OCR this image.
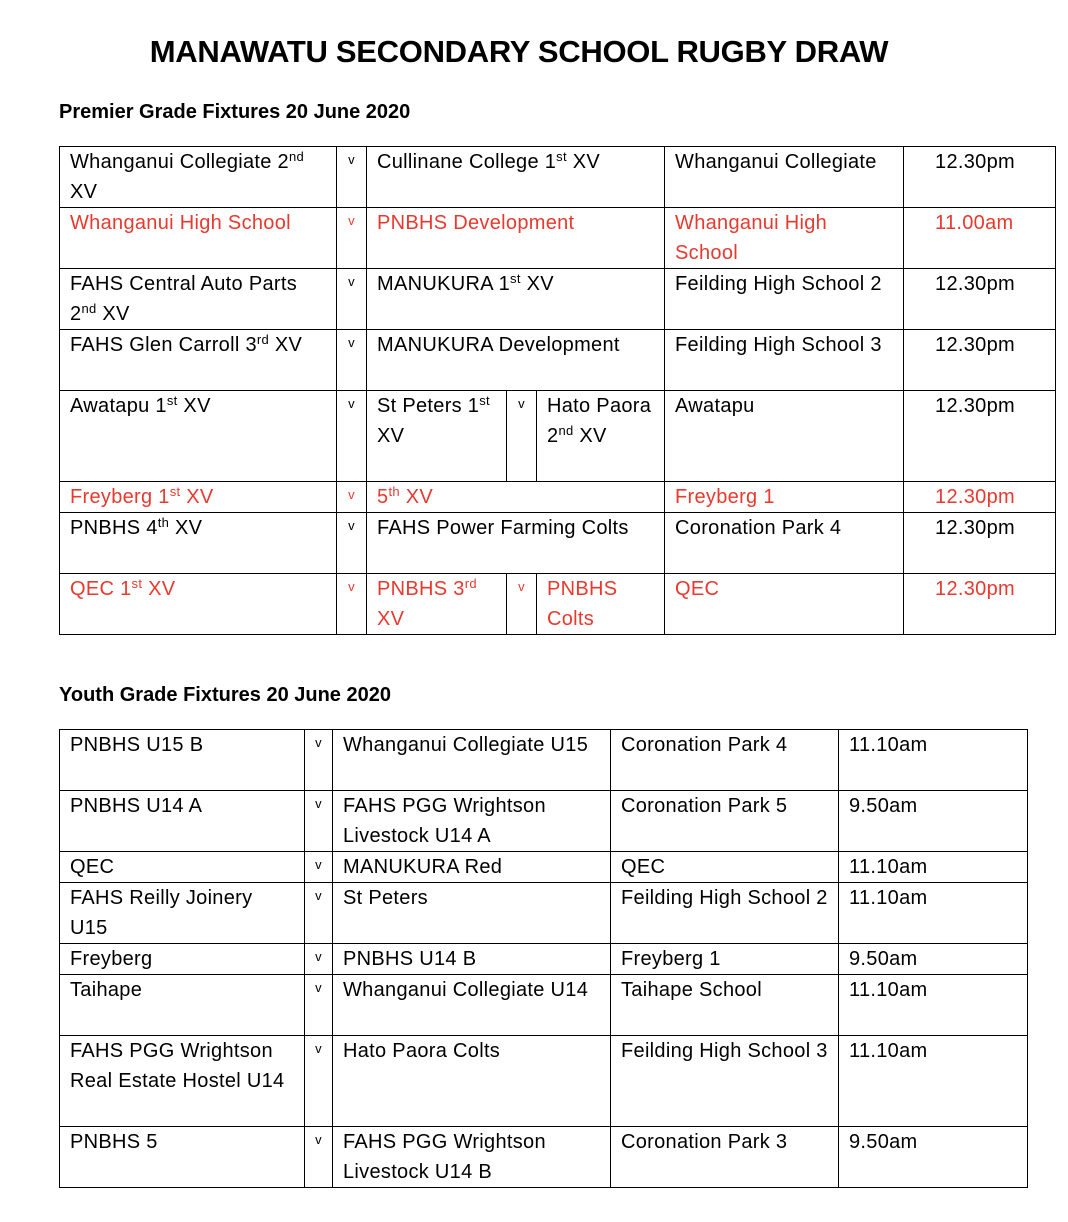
MANAWATU SECONDARY SCHOOL RUGBY DRAW
Premier Grade Fixtures 20 June 2020
Whanganui Collegiate 2nd XV	v	Cullinane College 1st XV			Whanganui Collegiate	12.30pm
Whanganui High School	v	PNBHS Development			Whanganui High School	11.00am
FAHS Central Auto Parts 2nd XV	v	MANUKURA 1st XV			Feilding High School 2	12.30pm
FAHS Glen Carroll 3rd XV	v	MANUKURA Development			Feilding High School 3	12.30pm
Awatapu 1st XV	v	St Peters 1st XV	v	Hato Paora 2nd XV	Awatapu	12.30pm
Freyberg 1st XV	v	5th XV			Freyberg 1	12.30pm
PNBHS 4th XV	v	FAHS Power Farming Colts			Coronation Park 4	12.30pm
QEC 1st XV	v	PNBHS 3rd XV	v	PNBHS Colts	QEC	12.30pm
Youth Grade Fixtures 20 June 2020
PNBHS U15 B	v	Whanganui Collegiate U15	Coronation Park 4	11.10am
PNBHS U14 A	v	FAHS PGG Wrightson Livestock U14 A	Coronation Park 5	9.50am
QEC	v	MANUKURA Red	QEC	11.10am
FAHS Reilly Joinery U15	v	St Peters	Feilding High School 2	11.10am
Freyberg	v	PNBHS U14 B	Freyberg 1	9.50am
Taihape	v	Whanganui Collegiate U14	Taihape School	11.10am
FAHS PGG Wrightson Real Estate Hostel U14	v	Hato Paora Colts	Feilding High School 3	11.10am
PNBHS 5	v	FAHS PGG Wrightson Livestock U14 B	Coronation Park 3	9.50am
